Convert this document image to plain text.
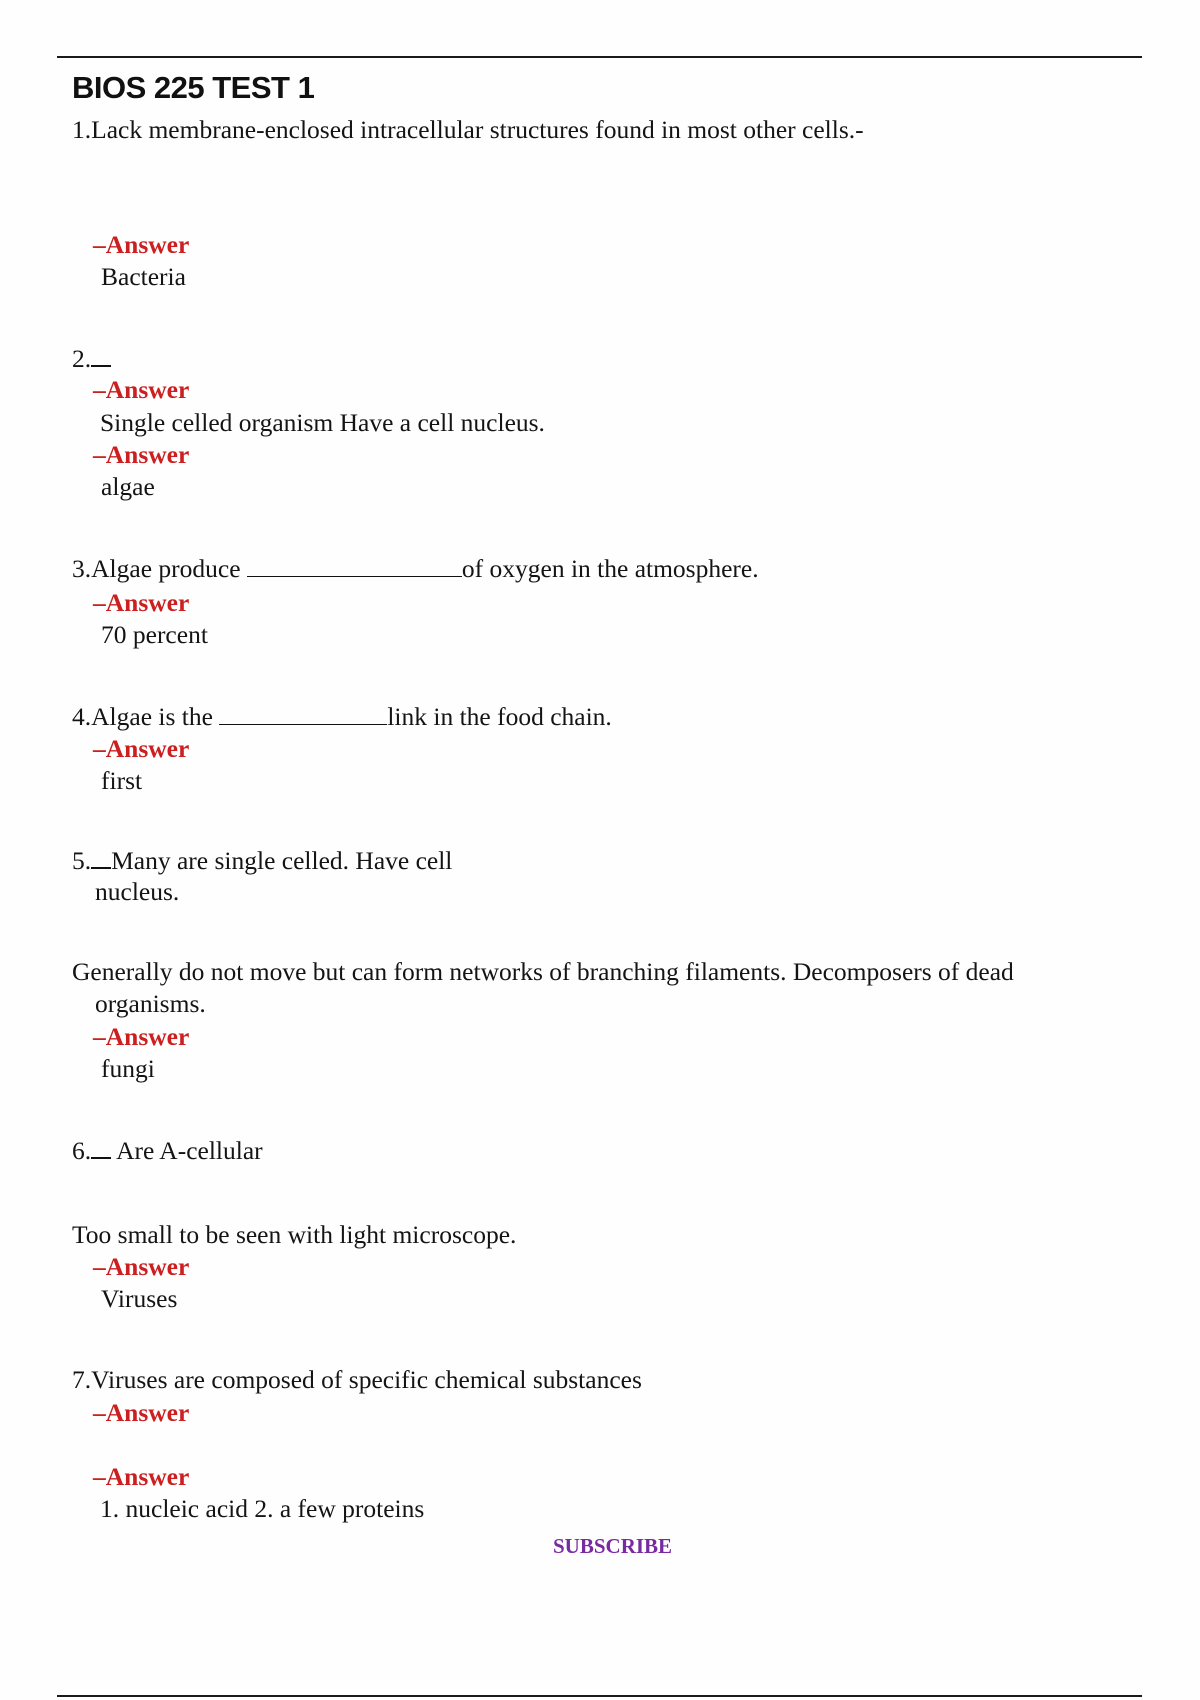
BIOS 225 TEST 1

1.Lack membrane-enclosed intracellular structures found in most other cells.-

–Answer

Bacteria

2.

–Answer

Single celled organism Have a cell nucleus.

–Answer

algae

3.Algae produce	of oxygen in the atmosphere.

–Answer

70 percent

4.Algae is the	link in the food chain.

–Answer

first

5. Many are single celled. Have cell

nucleus.

Generally do not move but can form networks of branching filaments. Decomposers of dead

organisms.

–Answer

fungi

6. Are A-cellular

Too small to be seen with light microscope.

–Answer

Viruses

7.Viruses are composed of specific chemical substances

–Answer

–Answer

1. nucleic acid 2. a few proteins

SUBSCRIBE
